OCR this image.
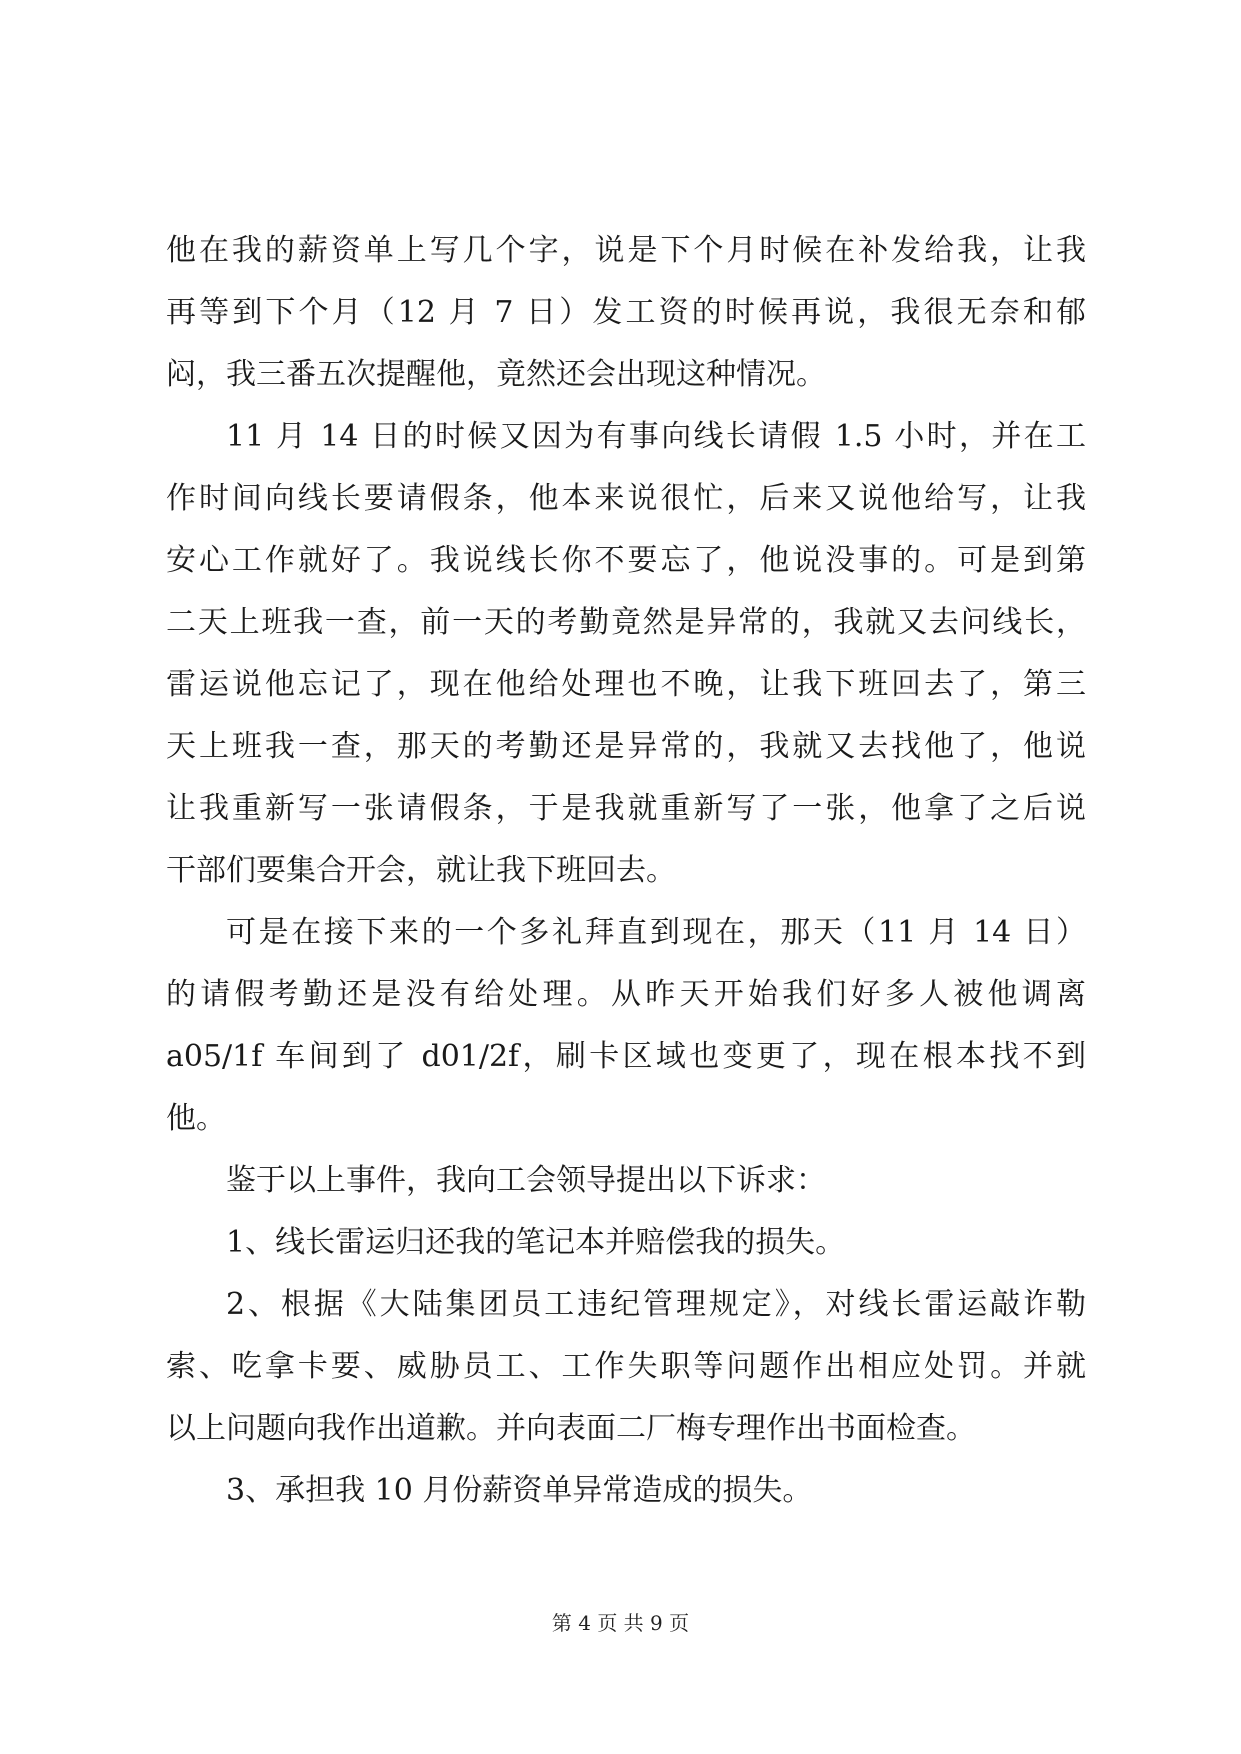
他在我的薪资单上写几个字，说是下个月时候在补发给我，让我
再等到下个月（12 月 7 日）发工资的时候再说，我很无奈和郁
闷，我三番五次提醒他，竟然还会出现这种情况。
11 月 14 日的时候又因为有事向线长请假 1.5 小时，并在工
作时间向线长要请假条，他本来说很忙，后来又说他给写，让我
安心工作就好了。我说线长你不要忘了，他说没事的。可是到第
二天上班我一查，前一天的考勤竟然是异常的，我就又去问线长，
雷运说他忘记了，现在他给处理也不晚，让我下班回去了，第三
天上班我一查，那天的考勤还是异常的，我就又去找他了，他说
让我重新写一张请假条，于是我就重新写了一张，他拿了之后说
干部们要集合开会，就让我下班回去。
可是在接下来的一个多礼拜直到现在，那天（11 月 14 日）
的请假考勤还是没有给处理。从昨天开始我们好多人被他调离
a05/1f 车间到了 d01/2f，刷卡区域也变更了，现在根本找不到
他。
鉴于以上事件，我向工会领导提出以下诉求：
1、线长雷运归还我的笔记本并赔偿我的损失。
2、根据《大陆集团员工违纪管理规定》，对线长雷运敲诈勒
索、吃拿卡要、威胁员工、工作失职等问题作出相应处罚。并就
以上问题向我作出道歉。并向表面二厂梅专理作出书面检查。
3、承担我 10 月份薪资单异常造成的损失。
第 4 页 共 9 页
